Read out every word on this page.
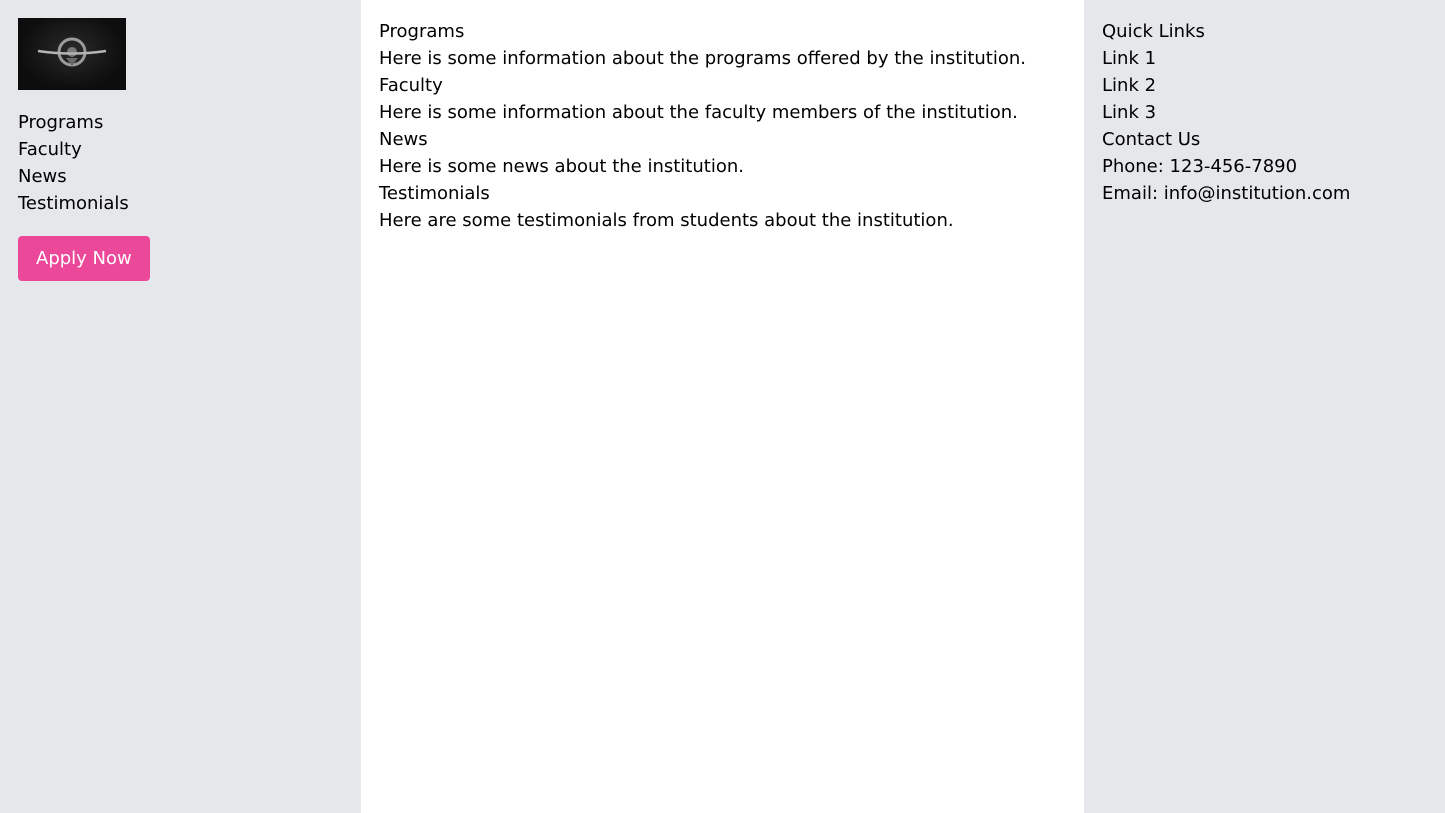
Programs
Faculty
News
Testimonials
Apply Now
Programs
Here is some information about the programs offered by the institution.
Faculty
Here is some information about the faculty members of the institution.
News
Here is some news about the institution.
Testimonials
Here are some testimonials from students about the institution.
Quick Links
Link 1
Link 2
Link 3
Contact Us
Phone: 123-456-7890
Email: info@institution.com
